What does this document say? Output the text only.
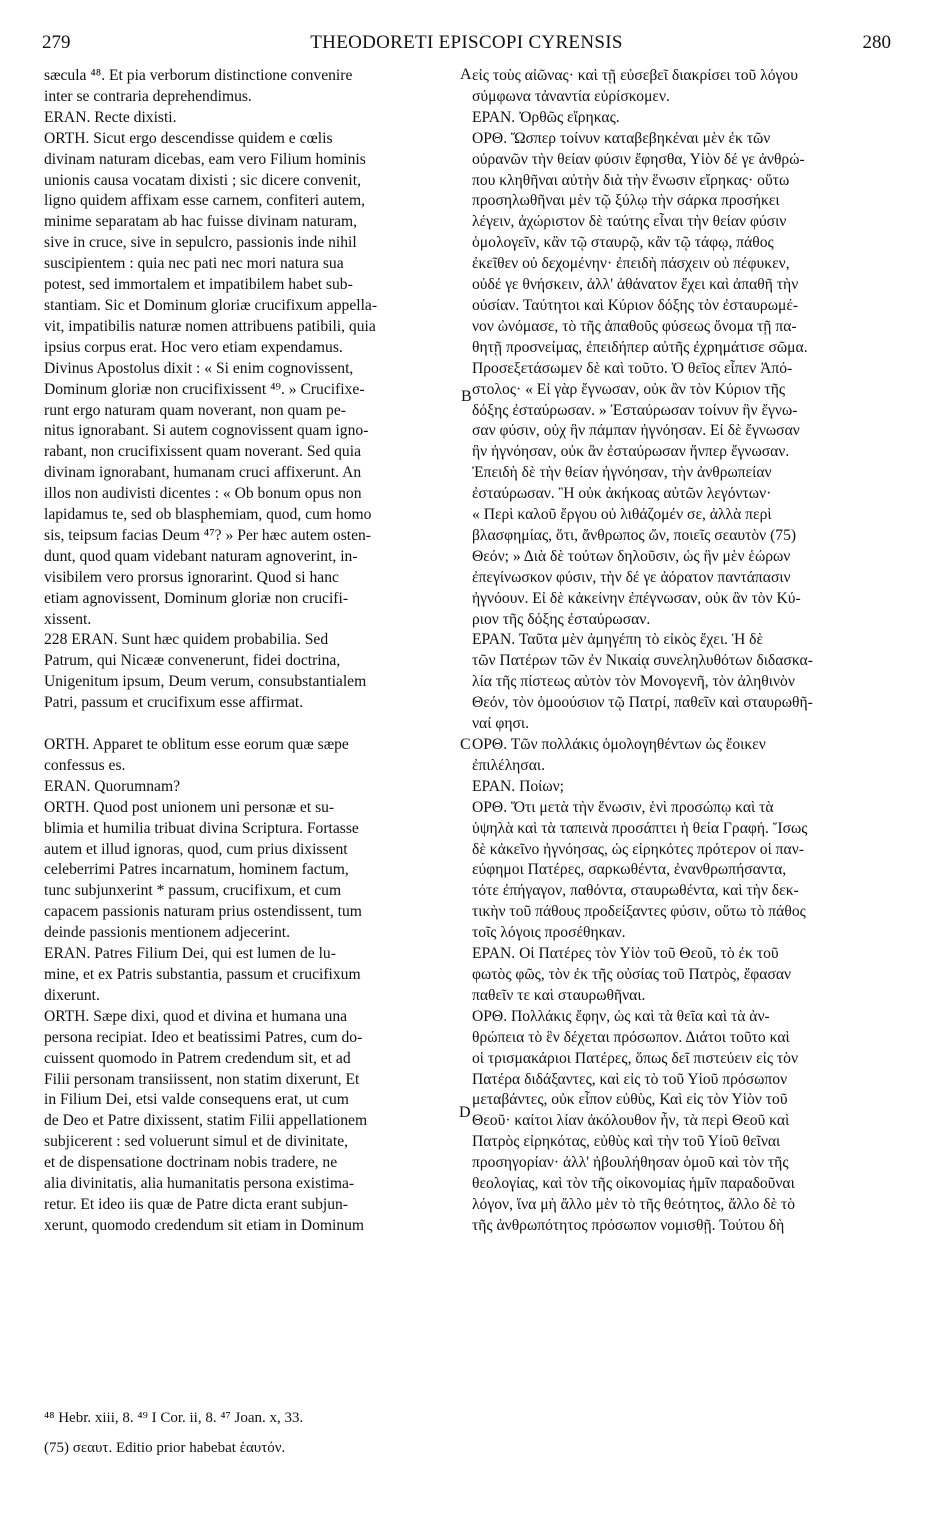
279	THEODORETI EPISCOPI CYRENSIS	280
sæcula ⁴⁸. Et pia verborum distinctione convenire
inter se contraria deprehendimus.
ERAN. Recte dixisti.
ORTH. Sicut ergo descendisse quidem e cœlis
divinam naturam dicebas, eam vero Filium hominis
unionis causa vocatam dixisti ; sic dicere convenit,
ligno quidem affixam esse carnem, confiteri autem,
minime separatam ab hac fuisse divinam naturam,
sive in cruce, sive in sepulcro, passionis inde nihil
suscipientem : quia nec pati nec mori natura sua
potest, sed immortalem et impatibilem habet sub-
stantiam. Sic et Dominum gloriæ crucifixum appella-
vit, impatibilis naturæ nomen attribuens patibili, quia
ipsius corpus erat. Hoc vero etiam expendamus.
Divinus Apostolus dixit : « Si enim cognovissent,
Dominum gloriæ non crucifixissent ⁴⁹. » Crucifixe-
runt ergo naturam quam noverant, non quam pe-
nitus ignorabant. Si autem cognovissent quam igno-
rabant, non crucifixissent quam noverant. Sed quia
divinam ignorabant, humanam cruci affixerunt. An
illos non audivisti dicentes : « Ob bonum opus non
lapidamus te, sed ob blasphemiam, quod, cum homo
sis, teipsum facias Deum ⁴⁷? » Per hæc autem osten-
dunt, quod quam videbant naturam agnoverint, in-
visibilem vero prorsus ignorarint. Quod si hanc
etiam agnovissent, Dominum gloriæ non crucifi-
xissent.
228 ERAN. Sunt hæc quidem probabilia. Sed
Patrum, qui Nicææ convenerunt, fidei doctrina,
Unigenitum ipsum, Deum verum, consubstantialem
Patri, passum et crucifixum esse affirmat.

ORTH. Apparet te oblitum esse eorum quæ sæpe
confessus es.
ERAN. Quorumnam?
ORTH. Quod post unionem uni personæ et su-
blimia et humilia tribuat divina Scriptura. Fortasse
autem et illud ignoras, quod, cum prius dixissent
celeberrimi Patres incarnatum, hominem factum,
tunc subjunxerint * passum, crucifixum, et cum
capacem passionis naturam prius ostendissent, tum
deinde passionis mentionem adjecerint.
ERAN. Patres Filium Dei, qui est lumen de lu-
mine, et ex Patris substantia, passum et crucifixum
dixerunt.
ORTH. Sæpe dixi, quod et divina et humana una
persona recipiat. Ideo et beatissimi Patres, cum do-
cuissent quomodo in Patrem credendum sit, et ad
Filii personam transiissent, non statim dixerunt, Et
in Filium Dei, etsi valde consequens erat, ut cum
de Deo et Patre dixissent, statim Filii appellationem
subjicerent : sed voluerunt simul et de divinitate,
et de dispensatione doctrinam nobis tradere, ne
alia divinitatis, alia humanitatis persona existima-
retur. Et ideo iis quæ de Patre dicta erant subjun-
xerunt, quomodo credendum sit etiam in Dominum
εἰς τοὺς αἰῶνας· καὶ τῇ εὐσεβεῖ διακρίσει τοῦ λόγου
σύμφωνα τἀναντία εὑρίσκομεν.
ΕΡΑΝ. Ὀρθῶς εἴρηκας.
ΟΡΘ. Ὥσπερ τοίνυν καταβεβηκέναι μὲν ἐκ τῶν
οὐρανῶν τὴν θείαν φύσιν ἔφησθα, Υἱὸν δέ γε ἀνθρώ-
που κληθῆναι αὐτὴν διὰ τὴν ἕνωσιν εἴρηκας· οὕτω
προσηλωθῆναι μὲν τῷ ξύλῳ τὴν σάρκα προσήκει
λέγειν, ἀχώριστον δὲ ταύτης εἶναι τὴν θείαν φύσιν
ὁμολογεῖν, κἂν τῷ σταυρῷ, κἂν τῷ τάφῳ, πάθος
ἐκεῖθεν οὐ δεχομένην· ἐπειδὴ πάσχειν οὐ πέφυκεν,
οὐδέ γε θνήσκειν, ἀλλ' ἀθάνατον ἔχει καὶ ἀπαθῆ τὴν
οὐσίαν. Ταύτητοι καὶ Κύριον δόξης τὸν ἐσταυρωμέ-
νον ὠνόμασε, τὸ τῆς ἀπαθοῦς φύσεως ὄνομα τῇ πα-
θητῇ προσνείμας, ἐπειδήπερ αὐτῆς ἐχρημάτισε σῶμα.
Προσεξετάσωμεν δὲ καὶ τοῦτο. Ὁ θεῖος εἶπεν Ἀπό-
στολος· « Εἰ γὰρ ἔγνωσαν, οὐκ ἂν τὸν Κύριον τῆς
δόξης ἐσταύρωσαν. » Ἐσταύρωσαν τοίνυν ἣν ἔγνω-
σαν φύσιν, οὐχ ἣν πάμπαν ἠγνόησαν. Εἰ δὲ ἔγνωσαν
ἣν ἠγνόησαν, οὐκ ἂν ἐσταύρωσαν ἥνπερ ἔγνωσαν.
Ἐπειδὴ δὲ τὴν θείαν ἠγνόησαν, τὴν ἀνθρωπείαν
ἐσταύρωσαν. Ἢ οὐκ ἀκήκοας αὐτῶν λεγόντων·
« Περὶ καλοῦ ἔργου οὐ λιθάζομέν σε, ἀλλὰ περὶ
βλασφημίας, ὅτι, ἄνθρωπος ὤν, ποιεῖς σεαυτὸν (75)
Θεόν; » Διὰ δὲ τούτων δηλοῦσιν, ὡς ἣν μὲν ἑώρων
ἐπεγίνωσκον φύσιν, τὴν δέ γε ἀόρατον παντάπασιν
ἠγνόουν. Εἰ δὲ κἀκείνην ἐπέγνωσαν, οὐκ ἂν τὸν Κύ-
ριον τῆς δόξης ἐσταύρωσαν.
ΕΡΑΝ. Ταῦτα μὲν ἀμηγέπη τὸ εἰκὸς ἔχει. Ἡ δὲ
τῶν Πατέρων τῶν ἐν Νικαίᾳ συνεληλυθότων διδασκα-
λία τῆς πίστεως αὐτὸν τὸν Μονογενῆ, τὸν ἀληθινὸν
Θεόν, τὸν ὁμοούσιον τῷ Πατρί, παθεῖν καὶ σταυρωθῆ-
ναί φησι.
ΟΡΘ. Τῶν πολλάκις ὁμολογηθέντων ὡς ἔοικεν
ἐπιλέλησαι.
ΕΡΑΝ. Ποίων;
ΟΡΘ. Ὅτι μετὰ τὴν ἕνωσιν, ἑνὶ προσώπῳ καὶ τὰ
ὑψηλὰ καὶ τὰ ταπεινὰ προσάπτει ἡ θεία Γραφή. Ἴσως
δὲ κἀκεῖνο ἠγνόησας, ὡς εἰρηκότες πρότερον οἱ παν-
εύφημοι Πατέρες, σαρκωθέντα, ἐνανθρωπήσαντα,
τότε ἐπήγαγον, παθόντα, σταυρωθέντα, καὶ τὴν δεκ-
τικὴν τοῦ πάθους προδείξαντες φύσιν, οὕτω τὸ πάθος
τοῖς λόγοις προσέθηκαν.
ΕΡΑΝ. Οἱ Πατέρες τὸν Υἱὸν τοῦ Θεοῦ, τὸ ἐκ τοῦ
φωτὸς φῶς, τὸν ἐκ τῆς οὐσίας τοῦ Πατρὸς, ἔφασαν
παθεῖν τε καὶ σταυρωθῆναι.
ΟΡΘ. Πολλάκις ἔφην, ὡς καὶ τὰ θεῖα καὶ τὰ ἀν-
θρώπεια τὸ ἓν δέχεται πρόσωπον. Διάτοι τοῦτο καὶ
οἱ τρισμακάριοι Πατέρες, ὅπως δεῖ πιστεύειν εἰς τὸν
Πατέρα διδάξαντες, καὶ εἰς τὸ τοῦ Υἱοῦ πρόσωπον
μεταβάντες, οὐκ εἶπον εὐθὺς, Καὶ εἰς τὸν Υἱὸν τοῦ
Θεοῦ· καίτοι λίαν ἀκόλουθον ἦν, τὰ περὶ Θεοῦ καὶ
Πατρὸς εἰρηκότας, εὐθὺς καὶ τὴν τοῦ Υἱοῦ θεῖναι
προσηγορίαν· ἀλλ' ἠβουλήθησαν ὁμοῦ καὶ τὸν τῆς
θεολογίας, καὶ τὸν τῆς οἰκονομίας ἡμῖν παραδοῦναι
λόγον, ἵνα μὴ ἄλλο μὲν τὸ τῆς θεότητος, ἄλλο δὲ τὸ
τῆς ἀνθρωπότητος πρόσωπον νομισθῇ. Τούτου δὴ
A
B
C
D
⁴⁸ Hebr. xiii, 8. ⁴⁹ I Cor. ii, 8. ⁴⁷ Joan. x, 33.
(75) σεαυτ. Editio prior habebat ἑαυτόν.
